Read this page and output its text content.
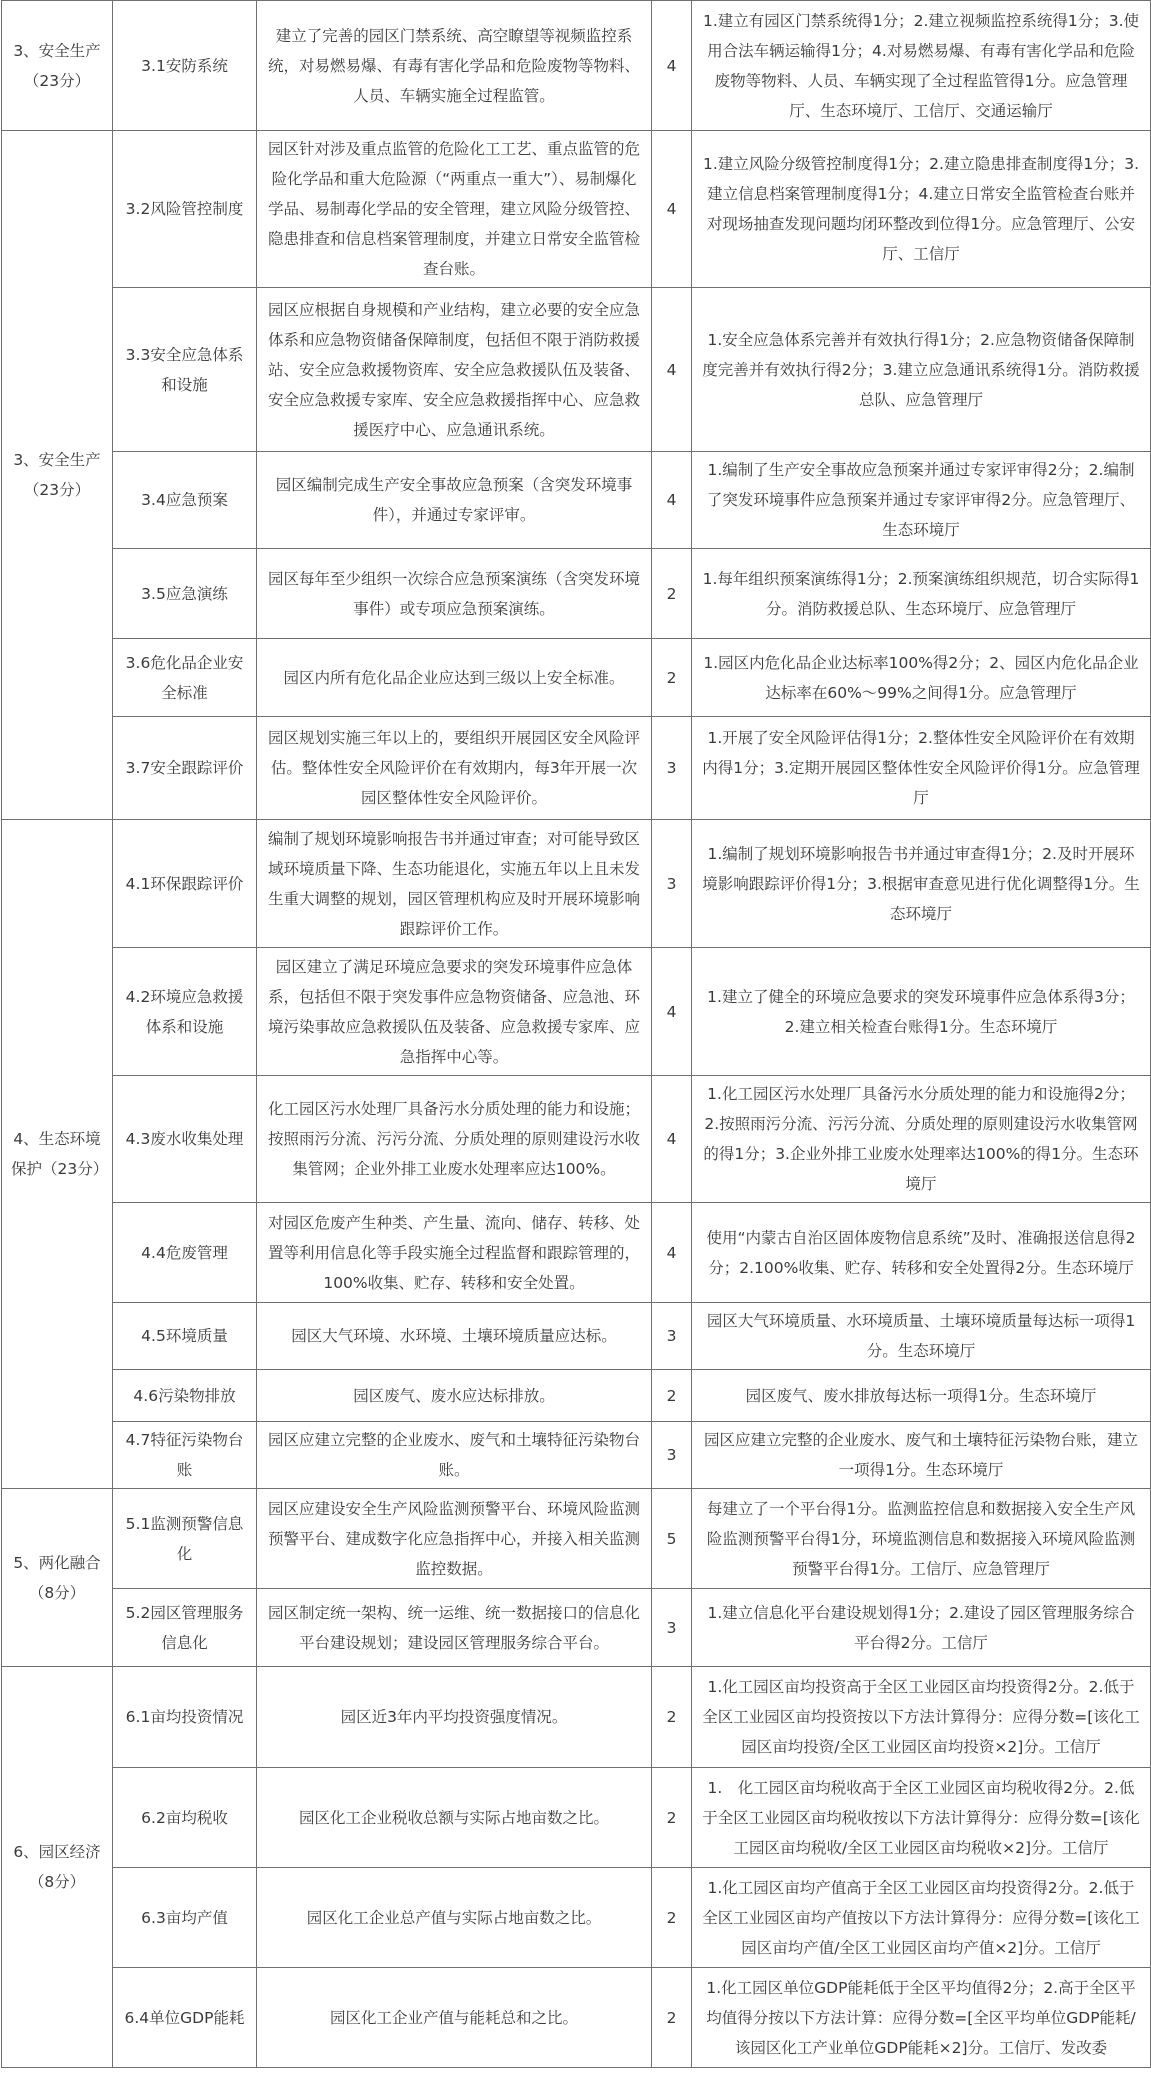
3、安全生产（23分）	3.1安防系统	建立了完善的园区门禁系统、高空瞭望等视频监控系统，对易燃易爆、有毒有害化学品和危险废物等物料、人员、车辆实施全过程监管。	4	1.建立有园区门禁系统得1分；2.建立视频监控系统得1分；3.使用合法车辆运输得1分；4.对易燃易爆、有毒有害化学品和危险废物等物料、人员、车辆实现了全过程监管得1分。应急管理厅、生态环境厅、工信厅、交通运输厅
3、安全生产（23分）	3.2风险管控制度	园区针对涉及重点监管的危险化工工艺、重点监管的危险化学品和重大危险源（“两重点一重大”）、易制爆化学品、易制毒化学品的安全管理，建立风险分级管控、隐患排查和信息档案管理制度，并建立日常安全监管检查台账。	4	1.建立风险分级管控制度得1分；2.建立隐患排查制度得1分；3.建立信息档案管理制度得1分；4.建立日常安全监管检查台账并对现场抽查发现问题均闭环整改到位得1分。应急管理厅、公安厅、工信厅
	3.3安全应急体系和设施	园区应根据自身规模和产业结构，建立必要的安全应急体系和应急物资储备保障制度，包括但不限于消防救援站、安全应急救援物资库、安全应急救援队伍及装备、安全应急救援专家库、安全应急救援指挥中心、应急救援医疗中心、应急通讯系统。	4	1.安全应急体系完善并有效执行得1分；2.应急物资储备保障制度完善并有效执行得2分；3.建立应急通讯系统得1分。消防救援总队、应急管理厅
	3.4应急预案	园区编制完成生产安全事故应急预案（含突发环境事件），并通过专家评审。	4	1.编制了生产安全事故应急预案并通过专家评审得2分；2.编制了突发环境事件应急预案并通过专家评审得2分。应急管理厅、生态环境厅
	3.5应急演练	园区每年至少组织一次综合应急预案演练（含突发环境事件）或专项应急预案演练。	2	1.每年组织预案演练得1分；2.预案演练组织规范，切合实际得1分。消防救援总队、生态环境厅、应急管理厅
	3.6危化品企业安全标准	园区内所有危化品企业应达到三级以上安全标准。	2	1.园区内危化品企业达标率100%得2分；2、园区内危化品企业达标率在60%～99%之间得1分。应急管理厅
	3.7安全跟踪评价	园区规划实施三年以上的，要组织开展园区安全风险评估。整体性安全风险评价在有效期内，每3年开展一次园区整体性安全风险评价。	3	1.开展了安全风险评估得1分；2.整体性安全风险评价在有效期内得1分；3.定期开展园区整体性安全风险评价得1分。应急管理厅
4、生态环境保护（23分）	4.1环保跟踪评价	编制了规划环境影响报告书并通过审查；对可能导致区域环境质量下降、生态功能退化，实施五年以上且未发生重大调整的规划，园区管理机构应及时开展环境影响跟踪评价工作。	3	1.编制了规划环境影响报告书并通过审查得1分；2.及时开展环境影响跟踪评价得1分；3.根据审查意见进行优化调整得1分。生态环境厅
	4.2环境应急救援体系和设施	园区建立了满足环境应急要求的突发环境事件应急体系，包括但不限于突发事件应急物资储备、应急池、环境污染事故应急救援队伍及装备、应急救援专家库、应急指挥中心等。	4	1.建立了健全的环境应急要求的突发环境事件应急体系得3分；2.建立相关检查台账得1分。生态环境厅
	4.3废水收集处理	化工园区污水处理厂具备污水分质处理的能力和设施；按照雨污分流、污污分流、分质处理的原则建设污水收集管网；企业外排工业废水处理率应达100%。	4	1.化工园区污水处理厂具备污水分质处理的能力和设施得2分；2.按照雨污分流、污污分流、分质处理的原则建设污水收集管网的得1分；3.企业外排工业废水处理率达100%的得1分。生态环境厅
	4.4危废管理	对园区危废产生种类、产生量、流向、储存、转移、处置等利用信息化等手段实施全过程监督和跟踪管理的，100%收集、贮存、转移和安全处置。	4	使用“内蒙古自治区固体废物信息系统”及时、准确报送信息得2分；2.100%收集、贮存、转移和安全处置得2分。生态环境厅
	4.5环境质量	园区大气环境、水环境、土壤环境质量应达标。	3	园区大气环境质量、水环境质量、土壤环境质量每达标一项得1分。生态环境厅
	4.6污染物排放	园区废气、废水应达标排放。	2	园区废气、废水排放每达标一项得1分。生态环境厅
	4.7特征污染物台账	园区应建立完整的企业废水、废气和土壤特征污染物台账。	3	园区应建立完整的企业废水、废气和土壤特征污染物台账，建立一项得1分。生态环境厅
5、两化融合（8分）	5.1监测预警信息化	园区应建设安全生产风险监测预警平台、环境风险监测预警平台、建成数字化应急指挥中心，并接入相关监测监控数据。	5	每建立了一个平台得1分。监测监控信息和数据接入安全生产风险监测预警平台得1分，环境监测信息和数据接入环境风险监测预警平台得1分。工信厅、应急管理厅
	5.2园区管理服务信息化	园区制定统一架构、统一运维、统一数据接口的信息化平台建设规划；建设园区管理服务综合平台。	3	1.建立信息化平台建设规划得1分；2.建设了园区管理服务综合平台得2分。工信厅
6、园区经济（8分）	6.1亩均投资情况	园区近3年内平均投资强度情况。	2	1.化工园区亩均投资高于全区工业园区亩均投资得2分。2.低于全区工业园区亩均投资按以下方法计算得分：应得分数=[该化工园区亩均投资/全区工业园区亩均投资×2]分。工信厅
	6.2亩均税收	园区化工企业税收总额与实际占地亩数之比。	2	1.　化工园区亩均税收高于全区工业园区亩均税收得2分。2.低于全区工业园区亩均税收按以下方法计算得分：应得分数=[该化工园区亩均税收/全区工业园区亩均税收×2]分。工信厅
	6.3亩均产值	园区化工企业总产值与实际占地亩数之比。	2	1.化工园区亩均产值高于全区工业园区亩均投资得2分。2.低于全区工业园区亩均产值按以下方法计算得分：应得分数=[该化工园区亩均产值/全区工业园区亩均产值×2]分。工信厅
	6.4单位GDP能耗	园区化工企业产值与能耗总和之比。	2	1.化工园区单位GDP能耗低于全区平均值得2分；2.高于全区平均值得分按以下方法计算：应得分数=[全区平均单位GDP能耗/该园区化工产业单位GDP能耗×2]分。工信厅、发改委
